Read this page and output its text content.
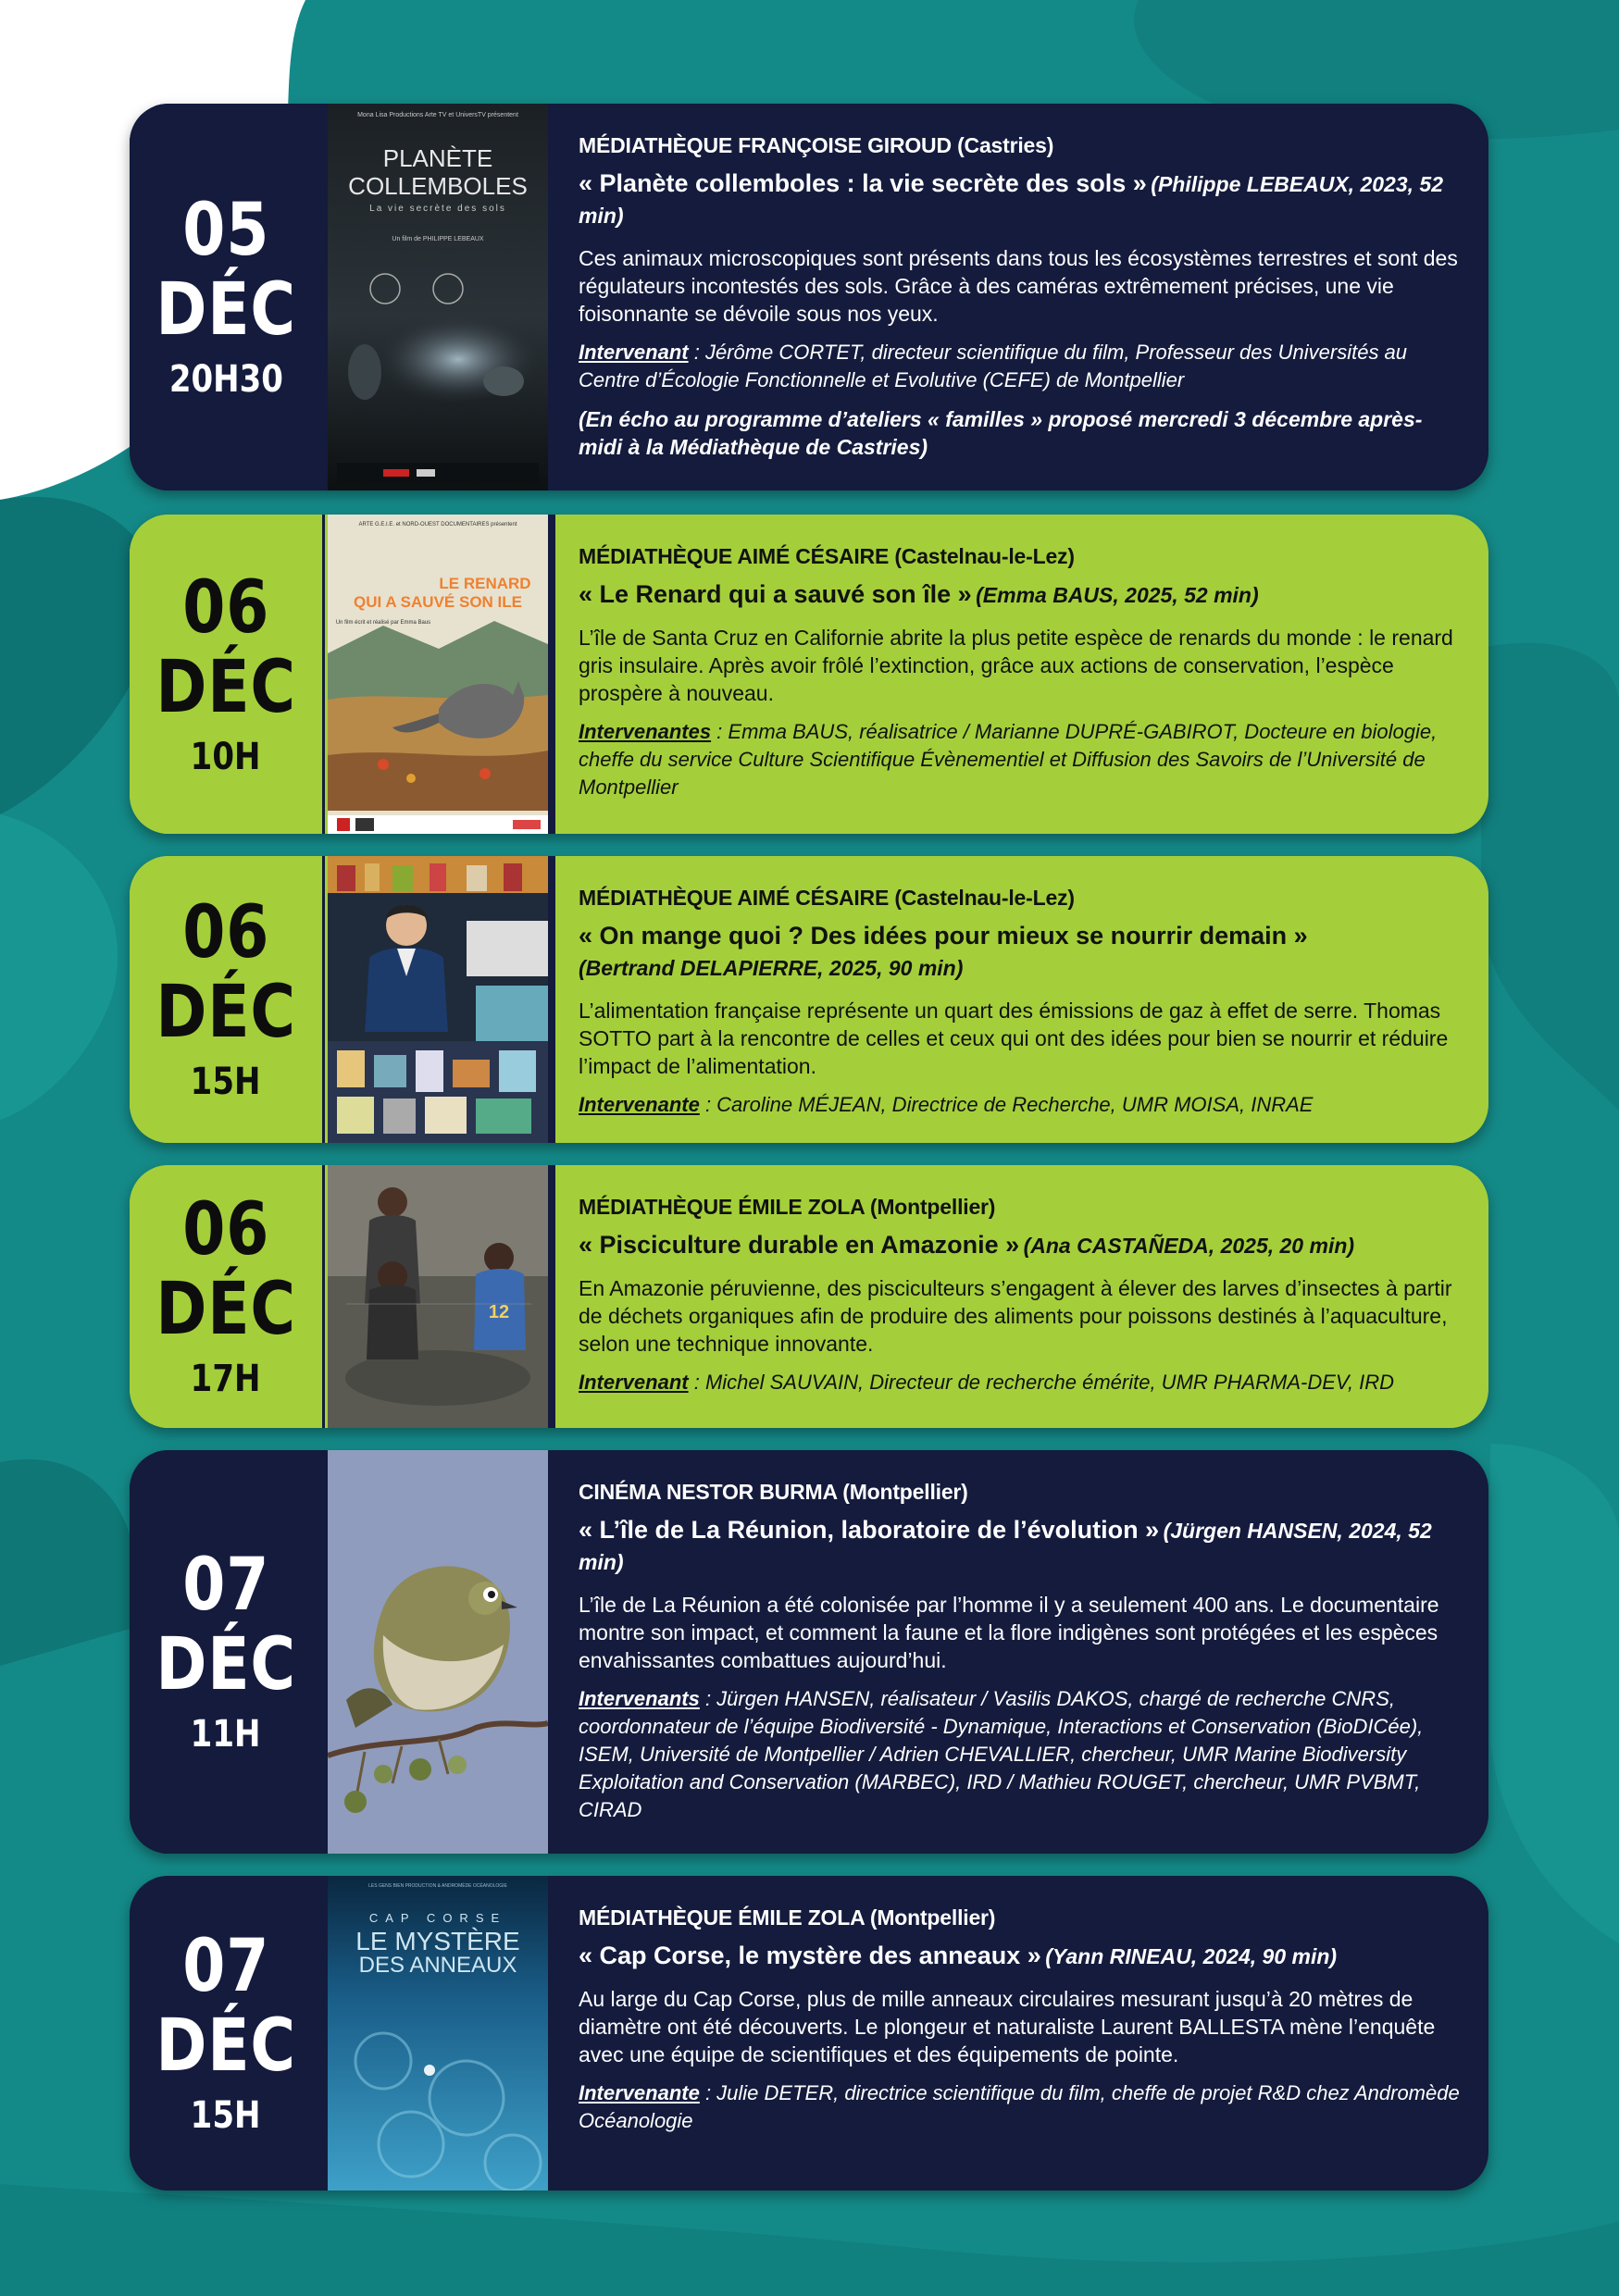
05
DÉC
20H30
Mona Lisa Productions Arte TV et UniversTV présentent
PLANÈTE
COLLEMBOLES
La vie secrète des sols
Un film de PHILIPPE LEBEAUX
MÉDIATHÈQUE FRANÇOISE GIROUD (Castries)
« Planète collemboles : la vie secrète des sols » (Philippe LEBEAUX, 2023, 52 min)
Ces animaux microscopiques sont présents dans tous les écosystèmes terrestres et sont des régulateurs incontestés des sols. Grâce à des caméras extrêmement précises, une vie foisonnante se dévoile sous nos yeux.
Intervenant : Jérôme CORTET, directeur scientifique du film, Professeur des Universités au Centre d’Écologie Fonctionnelle et Evolutive (CEFE) de Montpellier
(En écho au programme d’ateliers « familles » proposé mercredi 3 décembre après-midi à la Médiathèque de Castries)
06
DÉC
10H
ARTE G.E.I.E. et NORD-OUEST DOCUMENTAIRES présentent
LE RENARD
QUI A SAUVÉ SON ILE
Un film écrit et réalisé par Emma Baus
MÉDIATHÈQUE AIMÉ CÉSAIRE (Castelnau-le-Lez)
« Le Renard qui a sauvé son île » (Emma BAUS, 2025, 52 min)
L’île de Santa Cruz en Californie abrite la plus petite espèce de renards du monde : le renard gris insulaire. Après avoir frôlé l’extinction, grâce aux actions de conservation, l’espèce prospère à nouveau.
Intervenantes : Emma BAUS, réalisatrice / Marianne DUPRÉ-GABIROT, Docteure en biologie, cheffe du service Culture Scientifique Évènementiel et Diffusion des Savoirs de l’Université de Montpellier
06
DÉC
15H
MÉDIATHÈQUE AIMÉ CÉSAIRE (Castelnau-le-Lez)
« On mange quoi ? Des idées pour mieux se nourrir demain »
(Bertrand DELAPIERRE, 2025, 90 min)
L’alimentation française représente un quart des émissions de gaz à effet de serre. Thomas SOTTO part à la rencontre de celles et ceux qui ont des idées pour bien se nourrir et réduire l’impact de l’alimentation.
Intervenante : Caroline MÉJEAN, Directrice de Recherche, UMR MOISA, INRAE
06
DÉC
17H
12
MÉDIATHÈQUE ÉMILE ZOLA (Montpellier)
« Pisciculture durable en Amazonie » (Ana CASTAÑEDA, 2025, 20 min)
En Amazonie péruvienne, des pisciculteurs s’engagent à élever des larves d’insectes à partir de déchets organiques afin de produire des aliments pour poissons destinés à l’aquaculture, selon une technique innovante.
Intervenant : Michel SAUVAIN, Directeur de recherche émérite, UMR PHARMA-DEV, IRD
07
DÉC
11H
CINÉMA NESTOR BURMA (Montpellier)
« L’île de La Réunion, laboratoire de l’évolution » (Jürgen HANSEN, 2024, 52 min)
L’île de La Réunion a été colonisée par l’homme il y a seulement 400 ans. Le documentaire montre son impact, et comment la faune et la flore indigènes sont protégées et les espèces envahissantes combattues aujourd’hui.
Intervenants : Jürgen HANSEN, réalisateur / Vasilis DAKOS, chargé de recherche CNRS, coordonnateur de l’équipe Biodiversité - Dynamique, Interactions et Conservation (BioDICée), ISEM, Université de Montpellier / Adrien CHEVALLIER, chercheur, UMR Marine Biodiversity Exploitation and Conservation (MARBEC), IRD / Mathieu ROUGET, chercheur, UMR PVBMT, CIRAD
07
DÉC
15H
LES GENS BIEN PRODUCTION & ANDROMÈDE OCÉANOLOGIE
CAP CORSE
LE MYSTÈRE
DES ANNEAUX
MÉDIATHÈQUE ÉMILE ZOLA (Montpellier)
« Cap Corse, le mystère des anneaux » (Yann RINEAU, 2024, 90 min)
Au large du Cap Corse, plus de mille anneaux circulaires mesurant jusqu’à 20 mètres de diamètre ont été découverts. Le plongeur et naturaliste Laurent BALLESTA mène l’enquête avec une équipe de scientifiques et des équipements de pointe.
Intervenante : Julie DETER, directrice scientifique du film, cheffe de projet R&D chez Andromède Océanologie
